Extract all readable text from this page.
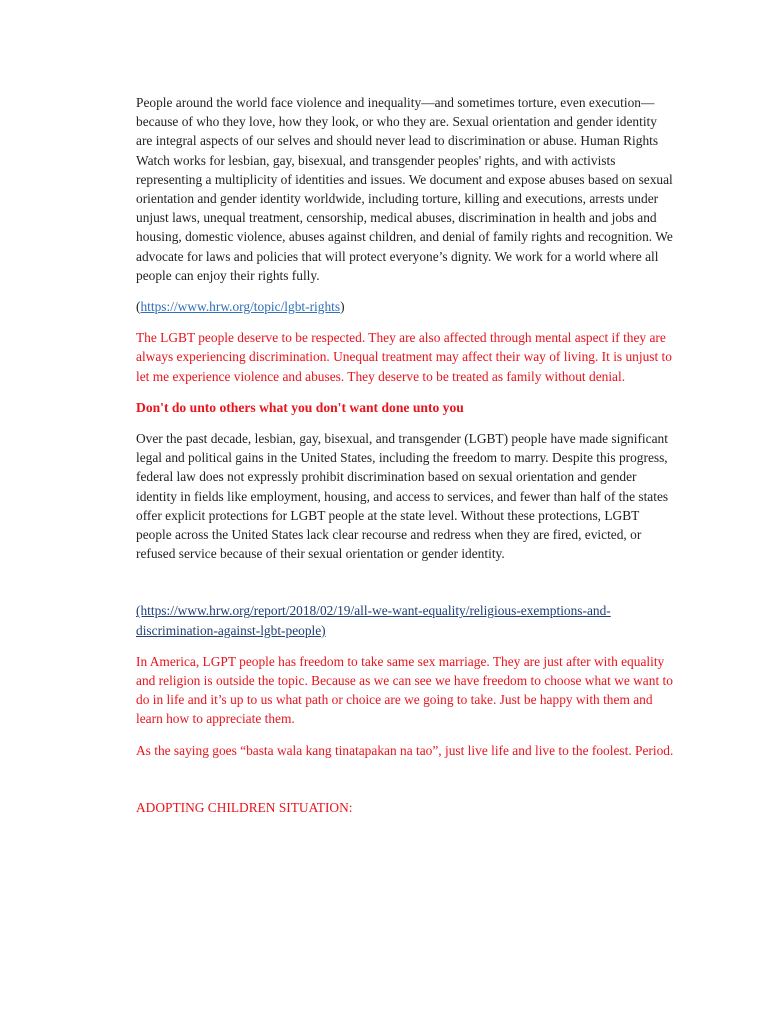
People around the world face violence and inequality—and sometimes torture, even execution—because of who they love, how they look, or who they are. Sexual orientation and gender identity are integral aspects of our selves and should never lead to discrimination or abuse. Human Rights Watch works for lesbian, gay, bisexual, and transgender peoples' rights, and with activists representing a multiplicity of identities and issues. We document and expose abuses based on sexual orientation and gender identity worldwide, including torture, killing and executions, arrests under unjust laws, unequal treatment, censorship, medical abuses, discrimination in health and jobs and housing, domestic violence, abuses against children, and denial of family rights and recognition. We advocate for laws and policies that will protect everyone’s dignity. We work for a world where all people can enjoy their rights fully.

(https://www.hrw.org/topic/lgbt-rights)

The LGBT people deserve to be respected. They are also affected through mental aspect if they are always experiencing discrimination. Unequal treatment may affect their way of living. It is unjust to let me experience violence and abuses. They deserve to be treated as family without denial.

Don't do unto others what you don't want done unto you

Over the past decade, lesbian, gay, bisexual, and transgender (LGBT) people have made significant legal and political gains in the United States, including the freedom to marry. Despite this progress, federal law does not expressly prohibit discrimination based on sexual orientation and gender identity in fields like employment, housing, and access to services, and fewer than half of the states offer explicit protections for LGBT people at the state level. Without these protections, LGBT people across the United States lack clear recourse and redress when they are fired, evicted, or refused service because of their sexual orientation or gender identity.

(https://www.hrw.org/report/2018/02/19/all-we-want-equality/religious-exemptions-and-discrimination-against-lgbt-people)

In America, LGPT people has freedom to take same sex marriage. They are just after with equality and religion is outside the topic. Because as we can see we have freedom to choose what we want to do in life and it’s up to us what path or choice are we going to take. Just be happy with them and learn how to appreciate them.

As the saying goes “basta wala kang tinatapakan na tao”, just live life and live to the foolest. Period.

ADOPTING CHILDREN SITUATION:
